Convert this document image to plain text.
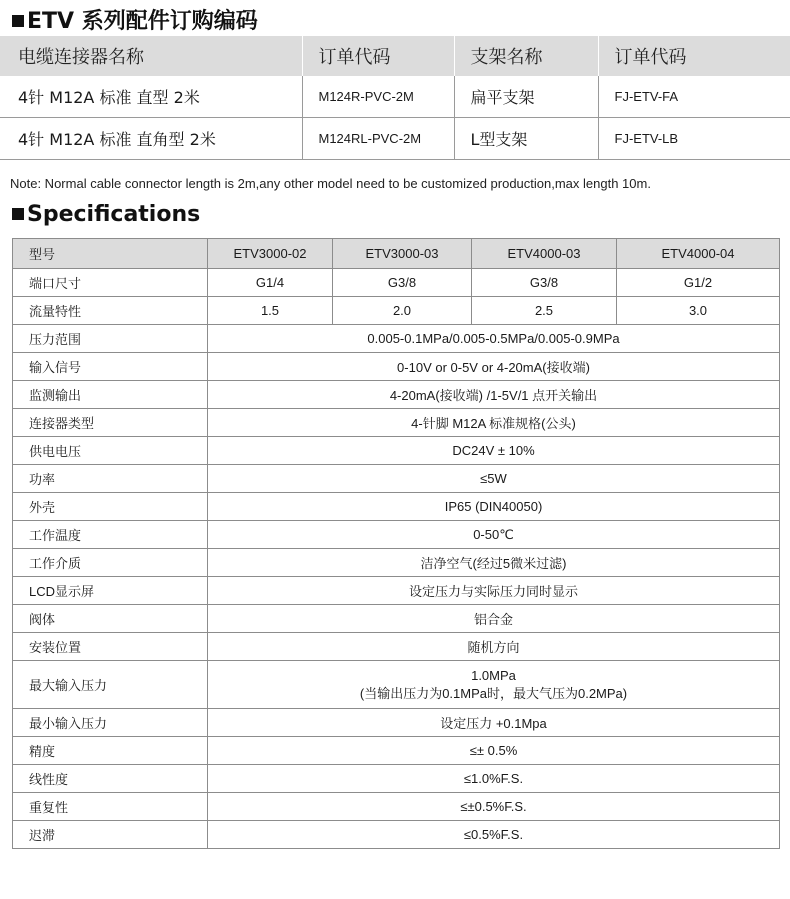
ETV 系列配件订购编码
电缆连接器名称	订单代码	支架名称	订单代码
4针 M12A 标准 直型 2米	M124R-PVC-2M	扁平支架	FJ-ETV-FA
4针 M12A 标准 直角型 2米	M124RL-PVC-2M	L型支架	FJ-ETV-LB
Note: Normal cable connector length is 2m,any other model need to be customized production,max length 10m.
Specifications
型号	ETV3000-02	ETV3000-03	ETV4000-03	ETV4000-04
端口尺寸	G1/4	G3/8	G3/8	G1/2
流量特性	1.5	2.0	2.5	3.0
压力范围	0.005-0.1MPa/0.005-0.5MPa/0.005-0.9MPa			
输入信号	0-10V or 0-5V or 4-20mA(接收端)			
监测输出	4-20mA(接收端) /1-5V/1 点开关输出			
连接器类型	4-针脚 M12A 标准规格(公头)			
供电电压	DC24V ± 10%			
功率	≤5W			
外壳	IP65 (DIN40050)			
工作温度	0-50℃			
工作介质	洁净空气(经过5微米过滤)			
LCD显示屏	设定压力与实际压力同时显示			
阀体	铝合金			
安装位置	随机方向			
最大输入压力	1.0MPa
(当输出压力为0.1MPa时，最大气压为0.2MPa)			

最小输入压力	设定压力 +0.1Mpa			
精度	≤± 0.5%			
线性度	≤1.0%F.S.			
重复性	≤±0.5%F.S.			
迟滞	≤0.5%F.S.			
